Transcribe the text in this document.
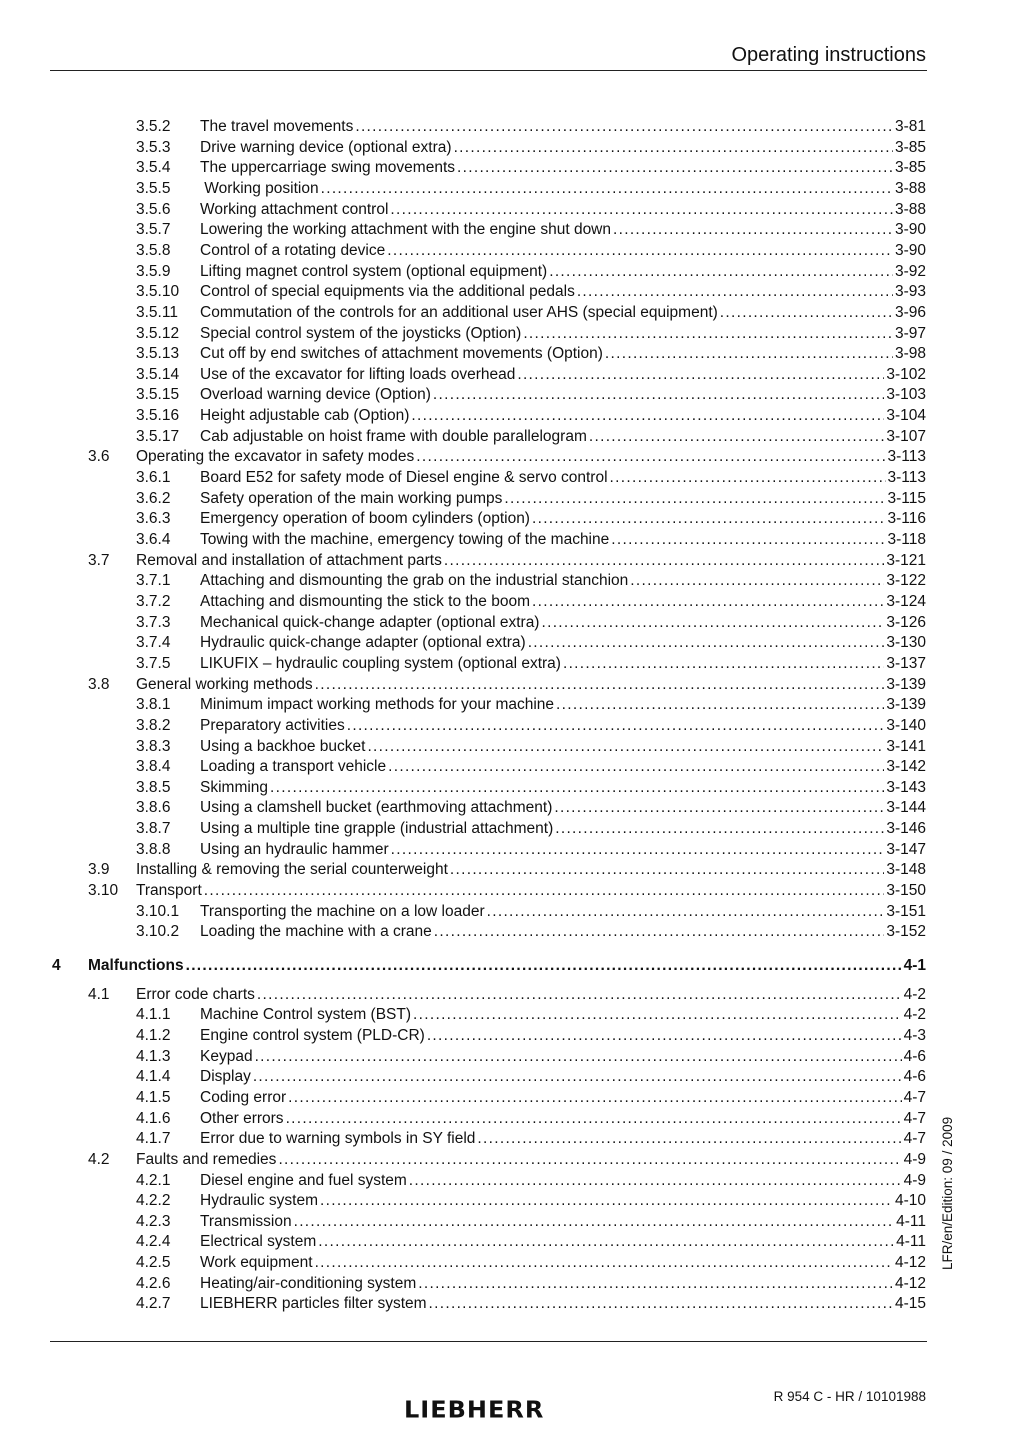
Operating instructions
3.5.2 The travel movements .....	3-81
3.5.3 Drive warning device (optional extra) .....	3-85
3.5.4 The uppercarriage swing movements .....	3-85
3.5.5 Working position .....	3-88
3.5.6 Working attachment control .....	3-88
3.5.7 Lowering the working attachment with the engine shut down .....	3-90
3.5.8 Control of a rotating device .....	3-90
3.5.9 Lifting magnet control system (optional equipment) .....	3-92
3.5.10 Control of special equipments via the additional pedals .....	3-93
3.5.11 Commutation of the controls for an additional user AHS (special equipment) .....	3-96
3.5.12 Special control system of the joysticks (Option) .....	3-97
3.5.13 Cut off by end switches of attachment movements (Option) .....	3-98
3.5.14 Use of the excavator for lifting loads overhead .....	3-102
3.5.15 Overload warning device (Option) .....	3-103
3.5.16 Height adjustable cab (Option) .....	3-104
3.5.17 Cab adjustable on hoist frame with double parallelogram .....	3-107
3.6 Operating the excavator in safety modes .....	3-113
3.6.1 Board E52 for safety mode of Diesel engine & servo control .....	3-113
3.6.2 Safety operation of the main working pumps .....	3-115
3.6.3 Emergency operation of boom cylinders (option) .....	3-116
3.6.4 Towing with the machine, emergency towing of the machine .....	3-118
3.7 Removal and installation of attachment parts .....	3-121
3.7.1 Attaching and dismounting the grab on the industrial stanchion .....	3-122
3.7.2 Attaching and dismounting the stick to the boom .....	3-124
3.7.3 Mechanical quick-change adapter (optional extra) .....	3-126
3.7.4 Hydraulic quick-change adapter (optional extra) .....	3-130
3.7.5 LIKUFIX – hydraulic coupling system (optional extra) .....	3-137
3.8 General working methods .....	3-139
3.8.1 Minimum impact working methods for your machine .....	3-139
3.8.2 Preparatory activities .....	3-140
3.8.3 Using a backhoe bucket .....	3-141
3.8.4 Loading a transport vehicle .....	3-142
3.8.5 Skimming .....	3-143
3.8.6 Using a clamshell bucket (earthmoving attachment) .....	3-144
3.8.7 Using a multiple tine grapple (industrial attachment) .....	3-146
3.8.8 Using an hydraulic hammer .....	3-147
3.9 Installing & removing the serial counterweight .....	3-148
3.10 Transport .....	3-150
3.10.1 Transporting the machine on a low loader .....	3-151
3.10.2 Loading the machine with a crane .....	3-152
4 Malfunctions .....	4-1
4.1 Error code charts .....	4-2
4.1.1 Machine Control system (BST) .....	4-2
4.1.2 Engine control system (PLD-CR) .....	4-3
4.1.3 Keypad .....	4-6
4.1.4 Display .....	4-6
4.1.5 Coding error .....	4-7
4.1.6 Other errors .....	4-7
4.1.7 Error due to warning symbols in SY field .....	4-7
4.2 Faults and remedies .....	4-9
4.2.1 Diesel engine and fuel system .....	4-9
4.2.2 Hydraulic system .....	4-10
4.2.3 Transmission .....	4-11
4.2.4 Electrical system .....	4-11
4.2.5 Work equipment .....	4-12
4.2.6 Heating/air-conditioning system .....	4-12
4.2.7 LIEBHERR particles filter system .....	4-15
LFR/en/Edition: 09 / 2009
LIEBHERR
R 954 C - HR / 10101988
